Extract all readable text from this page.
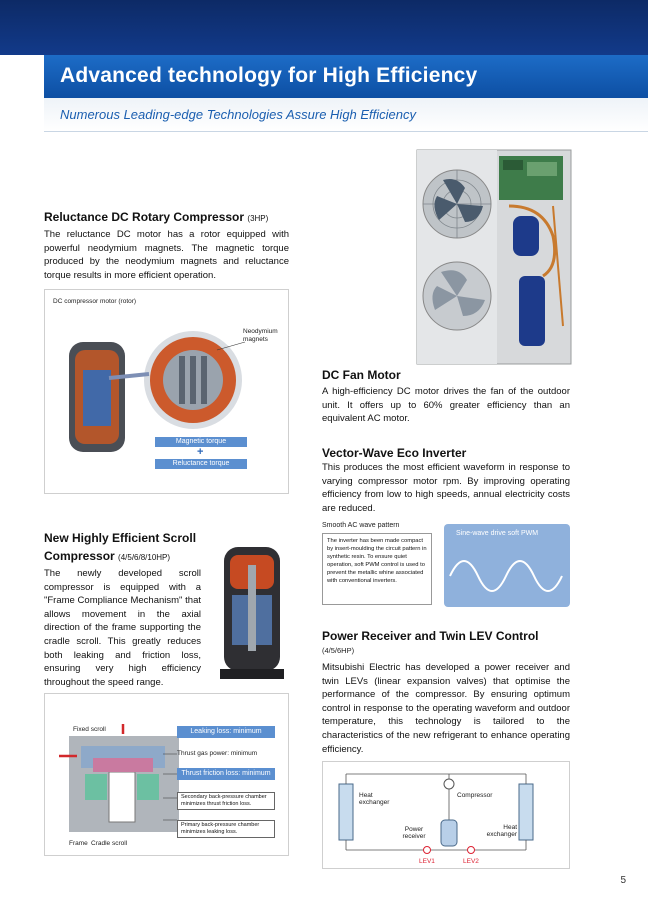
Advanced technology for High Efficiency

Numerous Leading-edge Technologies Assure High Efficiency

Reluctance DC Rotary Compressor (3HP)
The reluctance DC motor has a rotor equipped with powerful neodymium magnets. The magnetic torque produced by the neodymium magnets and reluctance torque results in more efficient operation.
DC compressor motor (rotor)
Neodymium magnets
Magnetic torque
+
Reluctance torque
New Highly Efficient Scroll
Compressor (4/5/6/8/10HP)
The newly developed scroll compressor is equipped with a "Frame Compliance Mechanism" that allows movement in the axial direction of the frame supporting the cradle scroll. This greatly reduces both leaking and friction loss, ensuring very high efficiency throughout the speed range.
Fixed scroll	Leaking loss: minimum
Thrust gas power: minimum
Thrust friction loss: minimum
Secondary back-pressure chamber minimizes thrust friction loss.
Primary back-pressure chamber minimizes leaking loss.
Frame Cradle scroll
DC Fan Motor
A high-efficiency DC motor drives the fan of the outdoor unit. It offers up to 60% greater efficiency than an equivalent AC motor.
Vector-Wave Eco Inverter
This produces the most efficient waveform in response to varying compressor motor rpm. By improving operating efficiency from low to high speeds, annual electricity costs are reduced.
Smooth AC wave pattern
The inverter has been made compact by insert-moulding the circuit pattern in synthetic resin. To ensure quiet operation, soft PWM control is used to prevent the metallic whine associated with conventional inverters.
Sine-wave drive soft PWM
Power Receiver and Twin LEV Control
(4/5/6HP)
Mitsubishi Electric has developed a power receiver and twin LEVs (linear expansion valves) that optimise the performance of the compressor. By ensuring optimum control in response to the operating waveform and outdoor temperature, this technology is tailored to the characteristics of the new refrigerant to enhance operating efficiency.
Heat exchanger
Compressor
Power receiver
Heat exchanger
LEV1	LEV2
5
